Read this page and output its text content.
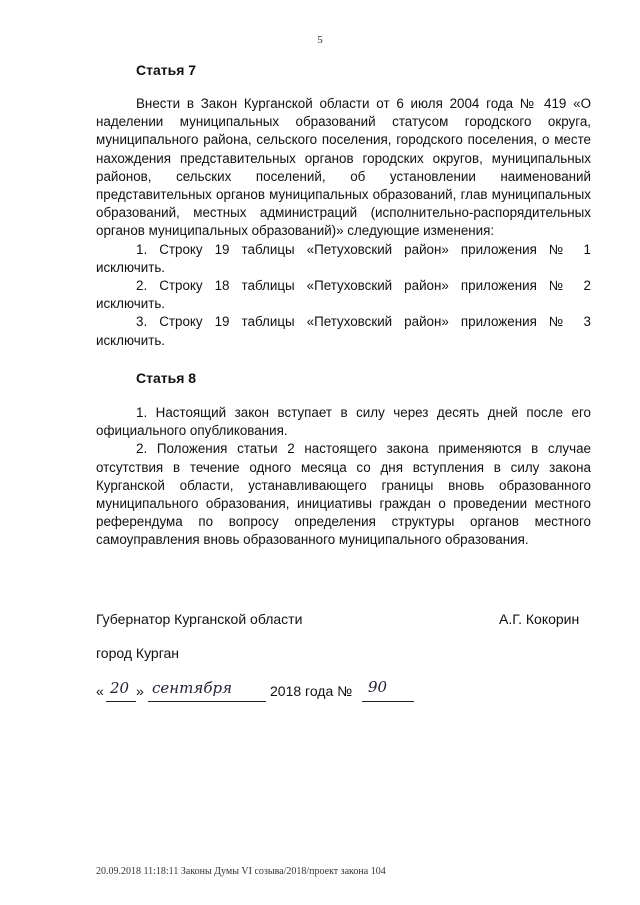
5
Статья 7

Внести в Закон Курганской области от 6 июля 2004 года № 419 «О наделении муниципальных образований статусом городского округа, муниципального района, сельского поселения, городского поселения, о месте нахождения представительных органов городских округов, муниципальных районов, сельских поселений, об установлении наименований представительных органов муниципальных образований, глав муниципальных образований, местных администраций (исполнительно-распорядительных органов муниципальных образований)» следующие изменения:

1. Строку 19 таблицы «Петуховский район» приложения № 1

исключить.

2. Строку 18 таблицы «Петуховский район» приложения № 2

исключить.

3. Строку 19 таблицы «Петуховский район» приложения № 3

исключить.

Статья 8

1. Настоящий закон вступает в силу через десять дней после его официального опубликования.

2. Положения статьи 2 настоящего закона применяются в случае отсутствия в течение одного месяца со дня вступления в силу закона Курганской области, устанавливающего границы вновь образованного муниципального образования, инициативы граждан о проведении местного референдума по вопросу определения структуры органов местного самоуправления вновь образованного муниципального образования.

Губернатор Курганской области	А.Г. Кокорин
город Курган
« 20 » сентября	2018 года № 90
20.09.2018 11:18:11 Законы Думы VI созыва/2018/проект закона 104
